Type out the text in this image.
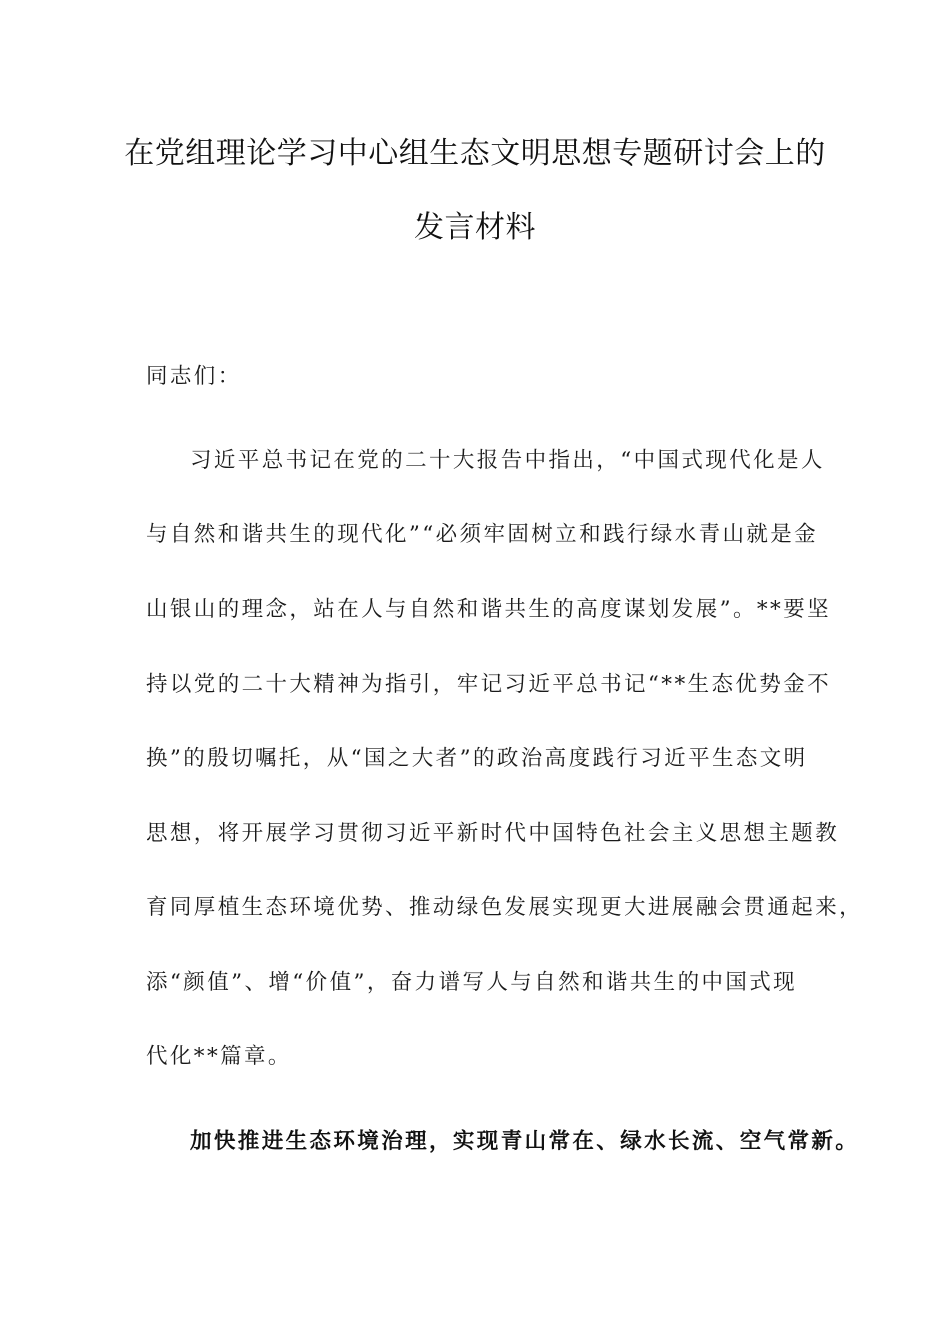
在党组理论学习中心组生态文明思想专题研讨会上的
发言材料
同志们：
习近平总书记在党的二十大报告中指出，“中国式现代化是人
与自然和谐共生的现代化”“必须牢固树立和践行绿水青山就是金
山银山的理念，站在人与自然和谐共生的高度谋划发展”。**要坚
持以党的二十大精神为指引，牢记习近平总书记“**生态优势金不
换”的殷切嘱托，从“国之大者”的政治高度践行习近平生态文明
思想，将开展学习贯彻习近平新时代中国特色社会主义思想主题教
育同厚植生态环境优势、推动绿色发展实现更大进展融会贯通起来，
添“颜值”、增“价值”，奋力谱写人与自然和谐共生的中国式现
代化**篇章。
加快推进生态环境治理，实现青山常在、绿水长流、空气常新。
